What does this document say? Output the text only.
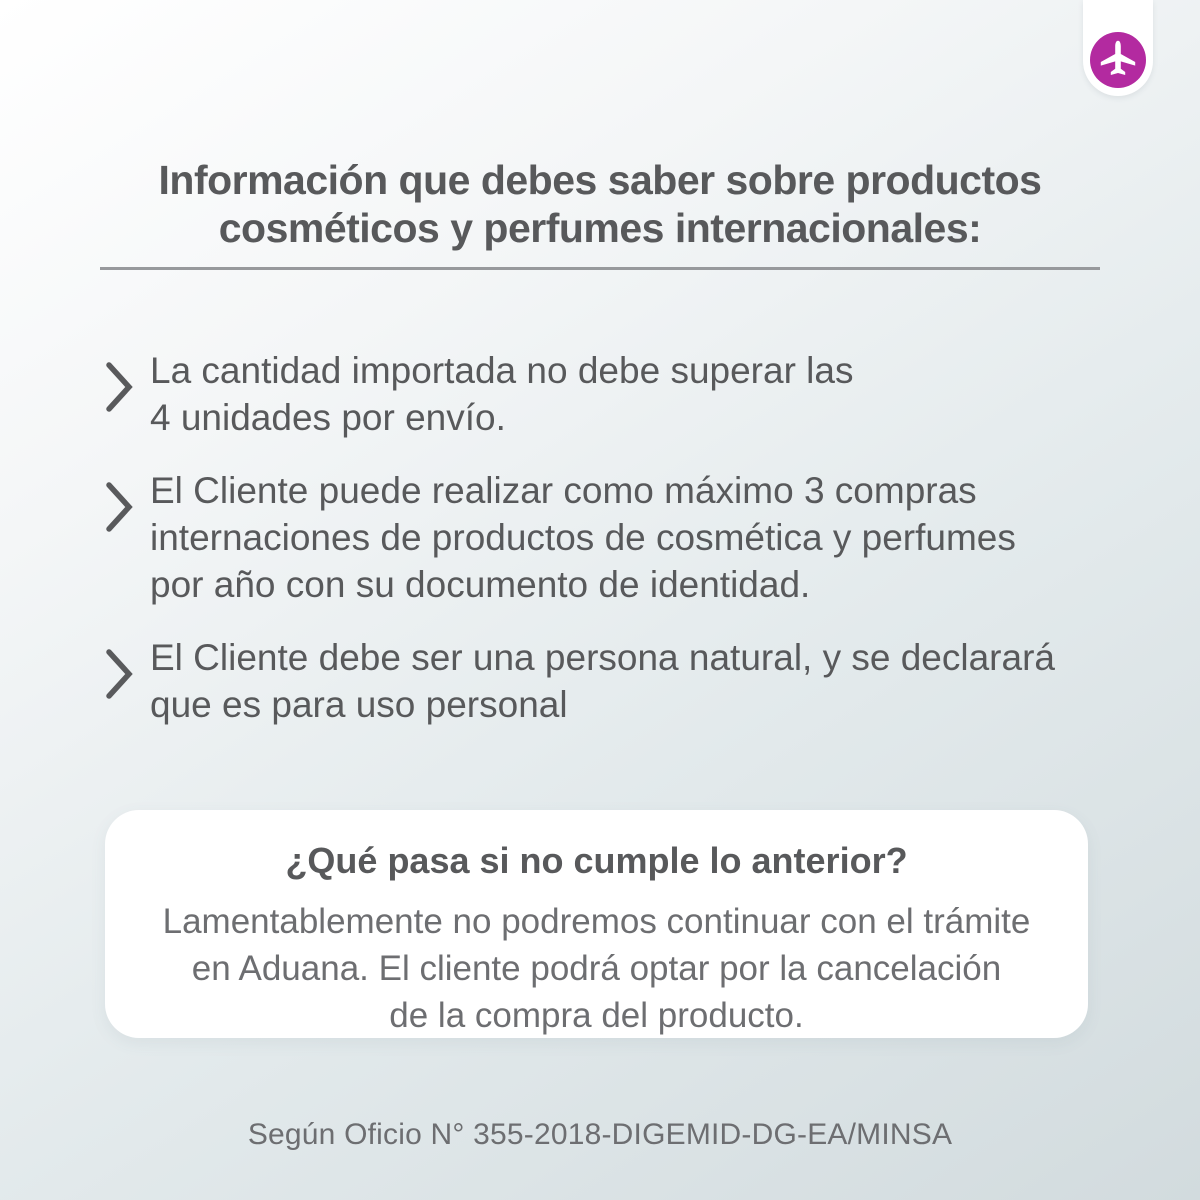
Información que debes saber sobre productos
cosméticos y perfumes internacionales:
La cantidad importada no debe superar las
4 unidades por envío.
El Cliente puede realizar como máximo 3 compras
internaciones de productos de cosmética y perfumes
por año con su documento de identidad.
El Cliente debe ser una persona natural, y se declarará
que es para uso personal
¿Qué pasa si no cumple lo anterior?
Lamentablemente no podremos continuar con el trámite
en Aduana. El cliente podrá optar por la cancelación
de la compra del producto.
Según Oficio N° 355-2018-DIGEMID-DG-EA/MINSA
